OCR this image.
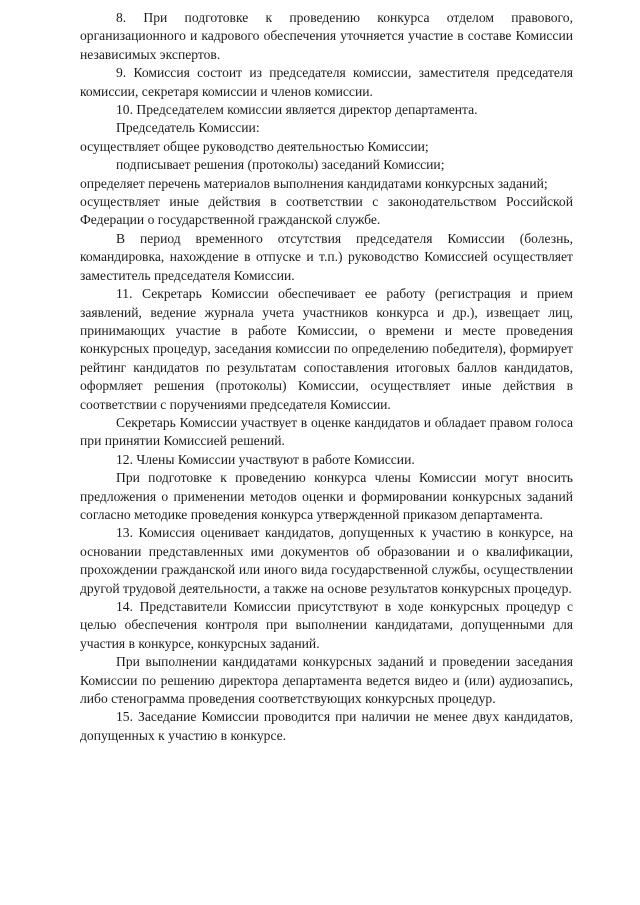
8. При подготовке к проведению конкурса отделом правового, организационного и кадрового обеспечения уточняется участие в составе Комиссии независимых экспертов.

9. Комиссия состоит из председателя комиссии, заместителя председателя комиссии, секретаря комиссии и членов комиссии.

10. Председателем комиссии является директор департамента.

Председатель Комиссии:

осуществляет общее руководство деятельностью Комиссии;

подписывает решения (протоколы) заседаний Комиссии;

определяет перечень материалов выполнения кандидатами конкурсных заданий;

осуществляет иные действия в соответствии с законодательством Российской Федерации о государственной гражданской службе.

В период временного отсутствия председателя Комиссии (болезнь, командировка, нахождение в отпуске и т.п.) руководство Комиссией осуществляет заместитель председателя Комиссии.

11. Секретарь Комиссии обеспечивает ее работу (регистрация и прием заявлений, ведение журнала учета участников конкурса и др.), извещает лиц, принимающих участие в работе Комиссии, о времени и месте проведения конкурсных процедур, заседания комиссии по определению победителя), формирует рейтинг кандидатов по результатам сопоставления итоговых баллов кандидатов, оформляет решения (протоколы) Комиссии, осуществляет иные действия в соответствии с поручениями председателя Комиссии.

Секретарь Комиссии участвует в оценке кандидатов и обладает правом голоса при принятии Комиссией решений.

12. Члены Комиссии участвуют в работе Комиссии.

При подготовке к проведению конкурса члены Комиссии могут вносить предложения о применении методов оценки и формировании конкурсных заданий согласно методике проведения конкурса утвержденной приказом департамента.

13. Комиссия оценивает кандидатов, допущенных к участию в конкурсе, на основании представленных ими документов об образовании и о квалификации, прохождении гражданской или иного вида государственной службы, осуществлении другой трудовой деятельности, а также на основе результатов конкурсных процедур.

14. Представители Комиссии присутствуют в ходе конкурсных процедур с целью обеспечения контроля при выполнении кандидатами, допущенными для участия в конкурсе, конкурсных заданий.

При выполнении кандидатами конкурсных заданий и проведении заседания Комиссии по решению директора департамента ведется видео и (или) аудиозапись, либо стенограмма проведения соответствующих конкурсных процедур.

15. Заседание Комиссии проводится при наличии не менее двух кандидатов, допущенных к участию в конкурсе.
